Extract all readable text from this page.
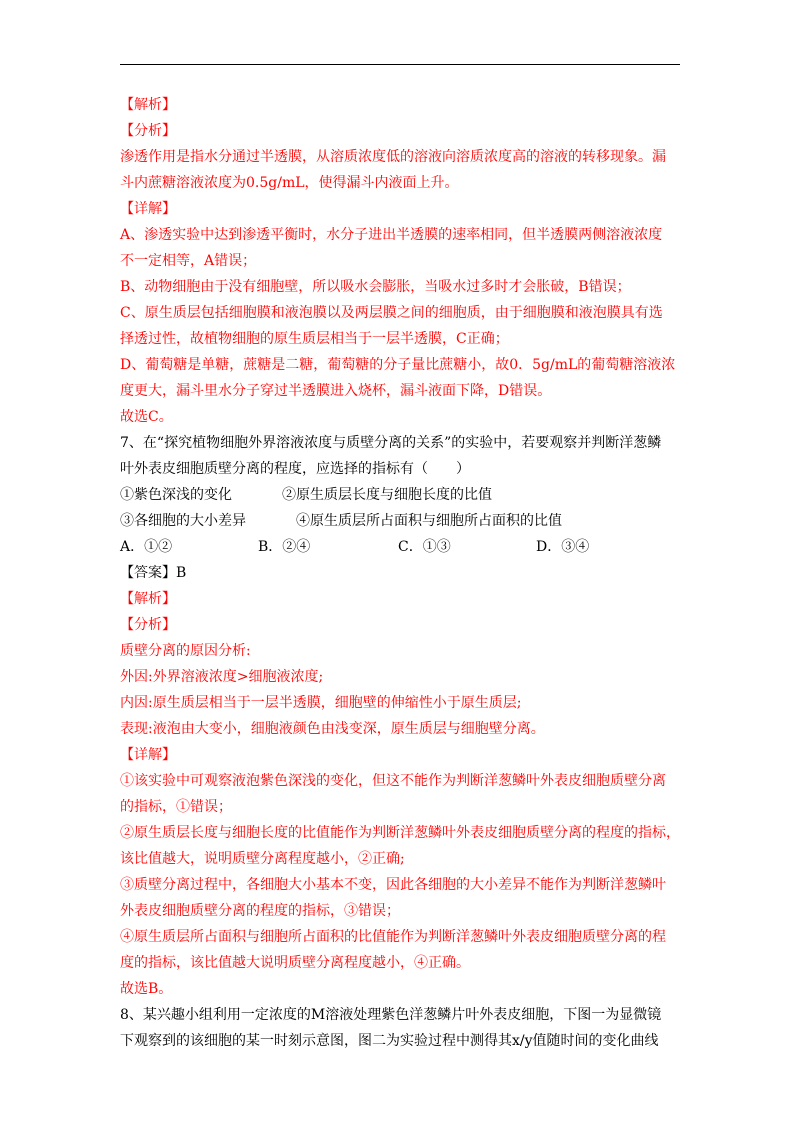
【解析】
【分析】
渗透作用是指水分通过半透膜，从溶质浓度低的溶液向溶质浓度高的溶液的转移现象。漏
斗内蔗糖溶液浓度为0.5g/mL，使得漏斗内液面上升。
【详解】
A、渗透实验中达到渗透平衡时，水分子进出半透膜的速率相同，但半透膜两侧溶液浓度
不一定相等，A错误；
B、动物细胞由于没有细胞壁，所以吸水会膨胀，当吸水过多时才会胀破，B错误；
C、原生质层包括细胞膜和液泡膜以及两层膜之间的细胞质，由于细胞膜和液泡膜具有选
择透过性，故植物细胞的原生质层相当于一层半透膜，C正确；
D、葡萄糖是单糖，蔗糖是二糖，葡萄糖的分子量比蔗糖小，故0．5g/mL的葡萄糖溶液浓
度更大，漏斗里水分子穿过半透膜进入烧杯，漏斗液面下降，D错误。
故选C。
7、在“探究植物细胞外界溶液浓度与质壁分离的关系”的实验中，若要观察并判断洋葱鳞
叶外表皮细胞质壁分离的程度，应选择的指标有（　　）
①紫色深浅的变化	②原生质层长度与细胞长度的比值
③各细胞的大小差异	④原生质层所占面积与细胞所占面积的比值
A．①②	B．②④	C．①③	D．③④
【答案】B
【解析】
【分析】
质壁分离的原因分析:
外因:外界溶液浓度>细胞液浓度;
内因:原生质层相当于一层半透膜，细胞壁的伸缩性小于原生质层;
表现:液泡由大变小，细胞液颜色由浅变深，原生质层与细胞壁分离。
【详解】
①该实验中可观察液泡紫色深浅的变化，但这不能作为判断洋葱鳞叶外表皮细胞质壁分离
的指标，①错误；
②原生质层长度与细胞长度的比值能作为判断洋葱鳞叶外表皮细胞质壁分离的程度的指标，
该比值越大，说明质壁分离程度越小，②正确;
③质壁分离过程中，各细胞大小基本不变，因此各细胞的大小差异不能作为判断洋葱鳞叶
外表皮细胞质壁分离的程度的指标，③错误；
④原生质层所占面积与细胞所占面积的比值能作为判断洋葱鳞叶外表皮细胞质壁分离的程
度的指标，该比值越大说明质壁分离程度越小，④正确。
故选B。
8、某兴趣小组利用一定浓度的M溶液处理紫色洋葱鳞片叶外表皮细胞，下图一为显微镜
下观察到的该细胞的某一时刻示意图，图二为实验过程中测得其x/y值随时间的变化曲线
